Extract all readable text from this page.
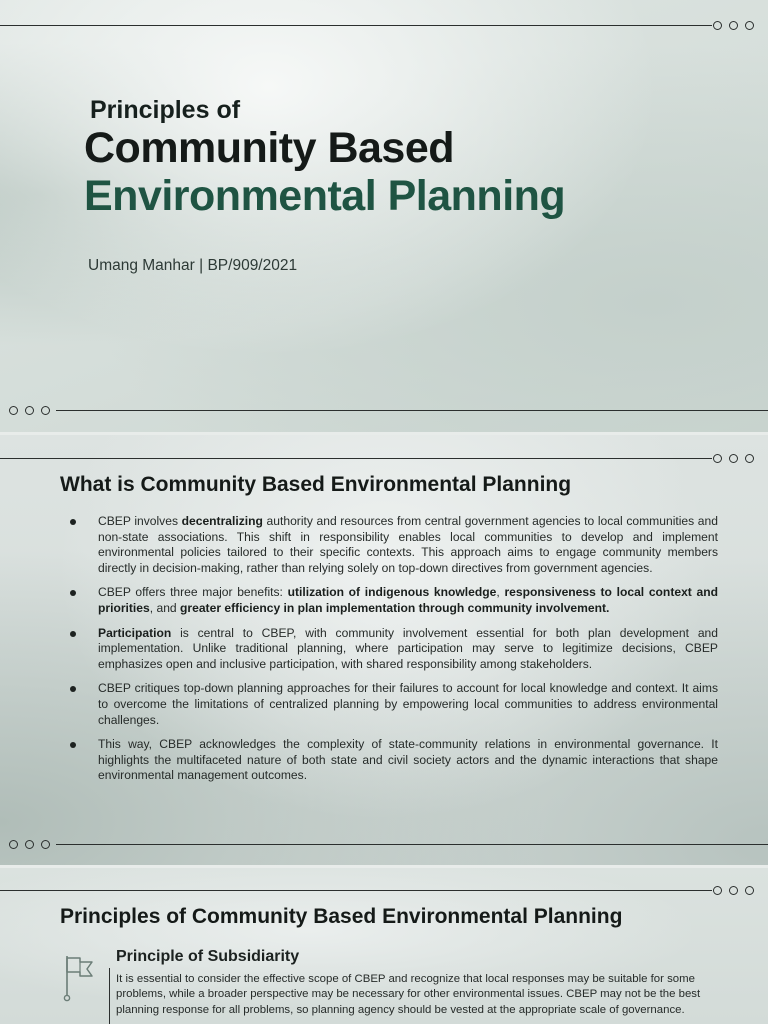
Principles of
Community Based
Environmental Planning

Umang Manhar | BP/909/2021

What is Community Based Environmental Planning
CBEP involves decentralizing authority and resources from central government agencies to local communities and non-state associations. This shift in responsibility enables local communities to develop and implement environmental policies tailored to their specific contexts. This approach aims to engage community members directly in decision-making, rather than relying solely on top-down directives from government agencies.
CBEP offers three major benefits: utilization of indigenous knowledge, responsiveness to local context and priorities, and greater efficiency in plan implementation through community involvement.
Participation is central to CBEP, with community involvement essential for both plan development and implementation. Unlike traditional planning, where participation may serve to legitimize decisions, CBEP emphasizes open and inclusive participation, with shared responsibility among stakeholders.
CBEP critiques top-down planning approaches for their failures to account for local knowledge and context. It aims to overcome the limitations of centralized planning by empowering local communities to address environmental challenges.
This way, CBEP acknowledges the complexity of state-community relations in environmental governance. It highlights the multifaceted nature of both state and civil society actors and the dynamic interactions that shape environmental management outcomes.
Principles of Community Based Environmental Planning
Principle of Subsidiarity

It is essential to consider the effective scope of CBEP and recognize that local responses may be suitable for some problems, while a broader perspective may be necessary for other environmental issues. CBEP may not be the best planning response for all problems, so planning agency should be vested at the appropriate scale of governance.
